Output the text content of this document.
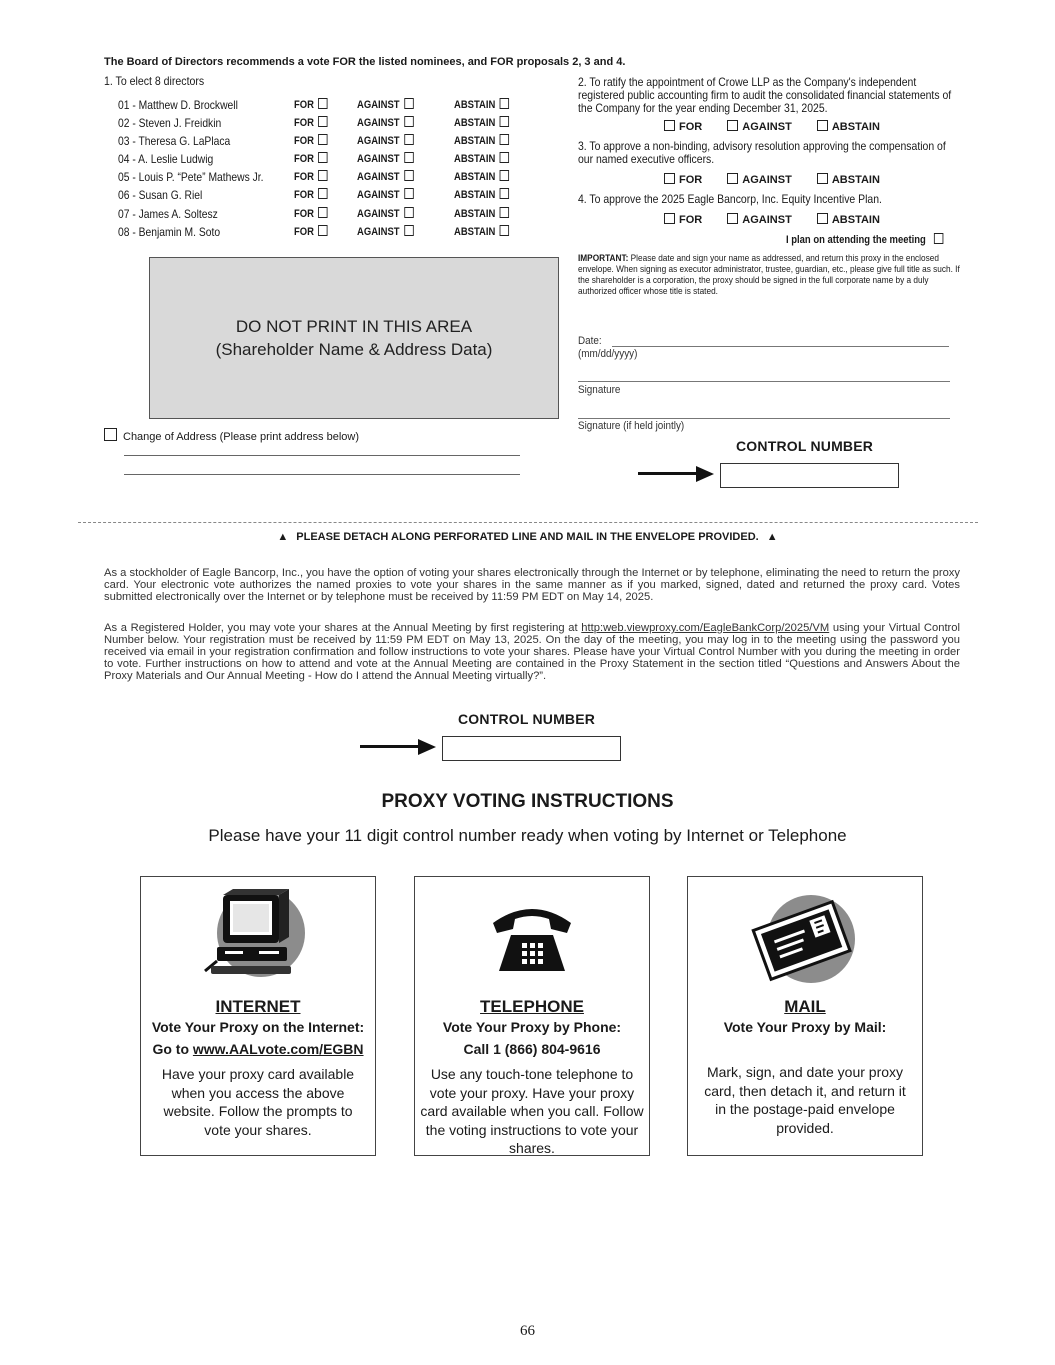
The Board of Directors recommends a vote FOR the listed nominees, and FOR proposals 2, 3 and 4.
1. To elect 8 directors
01 - Matthew D. Brockwell	FOR	AGAINST	ABSTAIN
02 - Steven J. Freidkin	FOR	AGAINST	ABSTAIN
03 - Theresa G. LaPlaca	FOR	AGAINST	ABSTAIN
04 - A. Leslie Ludwig	FOR	AGAINST	ABSTAIN
05 - Louis P. “Pete” Mathews Jr.	FOR	AGAINST	ABSTAIN
06 - Susan G. Riel	FOR	AGAINST	ABSTAIN
07 - James A. Soltesz	FOR	AGAINST	ABSTAIN
08 - Benjamin M. Soto	FOR	AGAINST	ABSTAIN
2. To ratify the appointment of Crowe LLP as the Company's independent registered public accounting firm to audit the consolidated financial statements of the Company for the year ending December 31, 2025.
FOR	AGAINST	ABSTAIN
3. To approve a non-binding, advisory resolution approving the compensation of our named executive officers.
FOR	AGAINST	ABSTAIN
4. To approve the 2025 Eagle Bancorp, Inc. Equity Incentive Plan.
FOR	AGAINST	ABSTAIN
I plan on attending the meeting
IMPORTANT: Please date and sign your name as addressed, and return this proxy in the enclosed envelope. When signing as executor administrator, trustee, guardian, etc., please give full title as such. If the shareholder is a corporation, the proxy should be signed in the full corporate name by a duly authorized officer whose title is stated.
Date:
(mm/dd/yyyy)
Signature
Signature (if held jointly)
DO NOT PRINT IN THIS AREA
(Shareholder Name & Address Data)
Change of Address (Please print address below)
CONTROL NUMBER
▲ PLEASE DETACH ALONG PERFORATED LINE AND MAIL IN THE ENVELOPE PROVIDED. ▲
As a stockholder of Eagle Bancorp, Inc., you have the option of voting your shares electronically through the Internet or by telephone, eliminating the need to return the proxy card. Your electronic vote authorizes the named proxies to vote your shares in the same manner as if you marked, signed, dated and returned the proxy card. Votes submitted electronically over the Internet or by telephone must be received by 11:59 PM EDT on May 14, 2025.
As a Registered Holder, you may vote your shares at the Annual Meeting by first registering at http:web.viewproxy.com/EagleBankCorp/2025/VM using your Virtual Control Number below. Your registration must be received by 11:59 PM EDT on May 13, 2025. On the day of the meeting, you may log in to the meeting using the password you received via email in your registration confirmation and follow instructions to vote your shares. Please have your Virtual Control Number with you during the meeting in order to vote. Further instructions on how to attend and vote at the Annual Meeting are contained in the Proxy Statement in the section titled “Questions and Answers About the Proxy Materials and Our Annual Meeting - How do I attend the Annual Meeting virtually?”.
CONTROL NUMBER
PROXY VOTING INSTRUCTIONS
Please have your 11 digit control number ready when voting by Internet or Telephone
INTERNET
Vote Your Proxy on the Internet:
Go to www.AALvote.com/EGBN
Have your proxy card available when you access the above website. Follow the prompts to vote your shares.
TELEPHONE
Vote Your Proxy by Phone:
Call 1 (866) 804-9616
Use any touch-tone telephone to vote your proxy. Have your proxy card available when you call. Follow the voting instructions to vote your shares.
MAIL
Vote Your Proxy by Mail:
Mark, sign, and date your proxy card, then detach it, and return it in the postage-paid envelope provided.
66
